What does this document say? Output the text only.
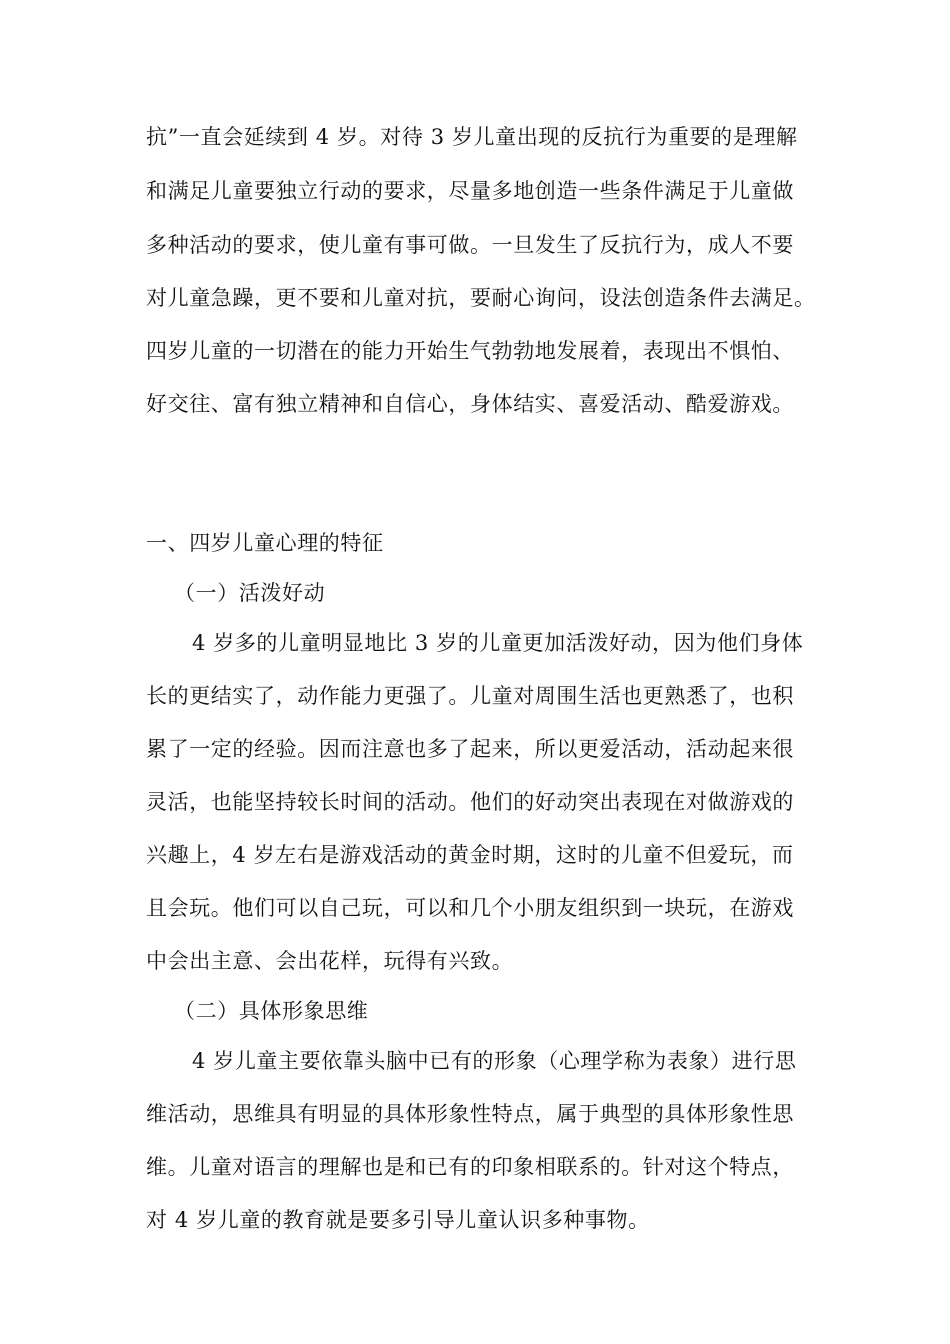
抗”一直会延续到 4 岁。对待 3 岁儿童出现的反抗行为重要的是理解
和满足儿童要独立行动的要求，尽量多地创造一些条件满足于儿童做
多种活动的要求，使儿童有事可做。一旦发生了反抗行为，成人不要
对儿童急躁，更不要和儿童对抗，要耐心询问，设法创造条件去满足。
四岁儿童的一切潜在的能力开始生气勃勃地发展着，表现出不惧怕、
好交往、富有独立精神和自信心，身体结实、喜爱活动、酷爱游戏。
一、四岁儿童心理的特征
（一）活泼好动
4 岁多的儿童明显地比 3 岁的儿童更加活泼好动，因为他们身体
长的更结实了，动作能力更强了。儿童对周围生活也更熟悉了，也积
累了一定的经验。因而注意也多了起来，所以更爱活动，活动起来很
灵活，也能坚持较长时间的活动。他们的好动突出表现在对做游戏的
兴趣上，4 岁左右是游戏活动的黄金时期，这时的儿童不但爱玩，而
且会玩。他们可以自己玩，可以和几个小朋友组织到一块玩，在游戏
中会出主意、会出花样，玩得有兴致。
（二）具体形象思维
4 岁儿童主要依靠头脑中已有的形象（心理学称为表象）进行思
维活动，思维具有明显的具体形象性特点，属于典型的具体形象性思
维。儿童对语言的理解也是和已有的印象相联系的。针对这个特点，
对 4 岁儿童的教育就是要多引导儿童认识多种事物。
